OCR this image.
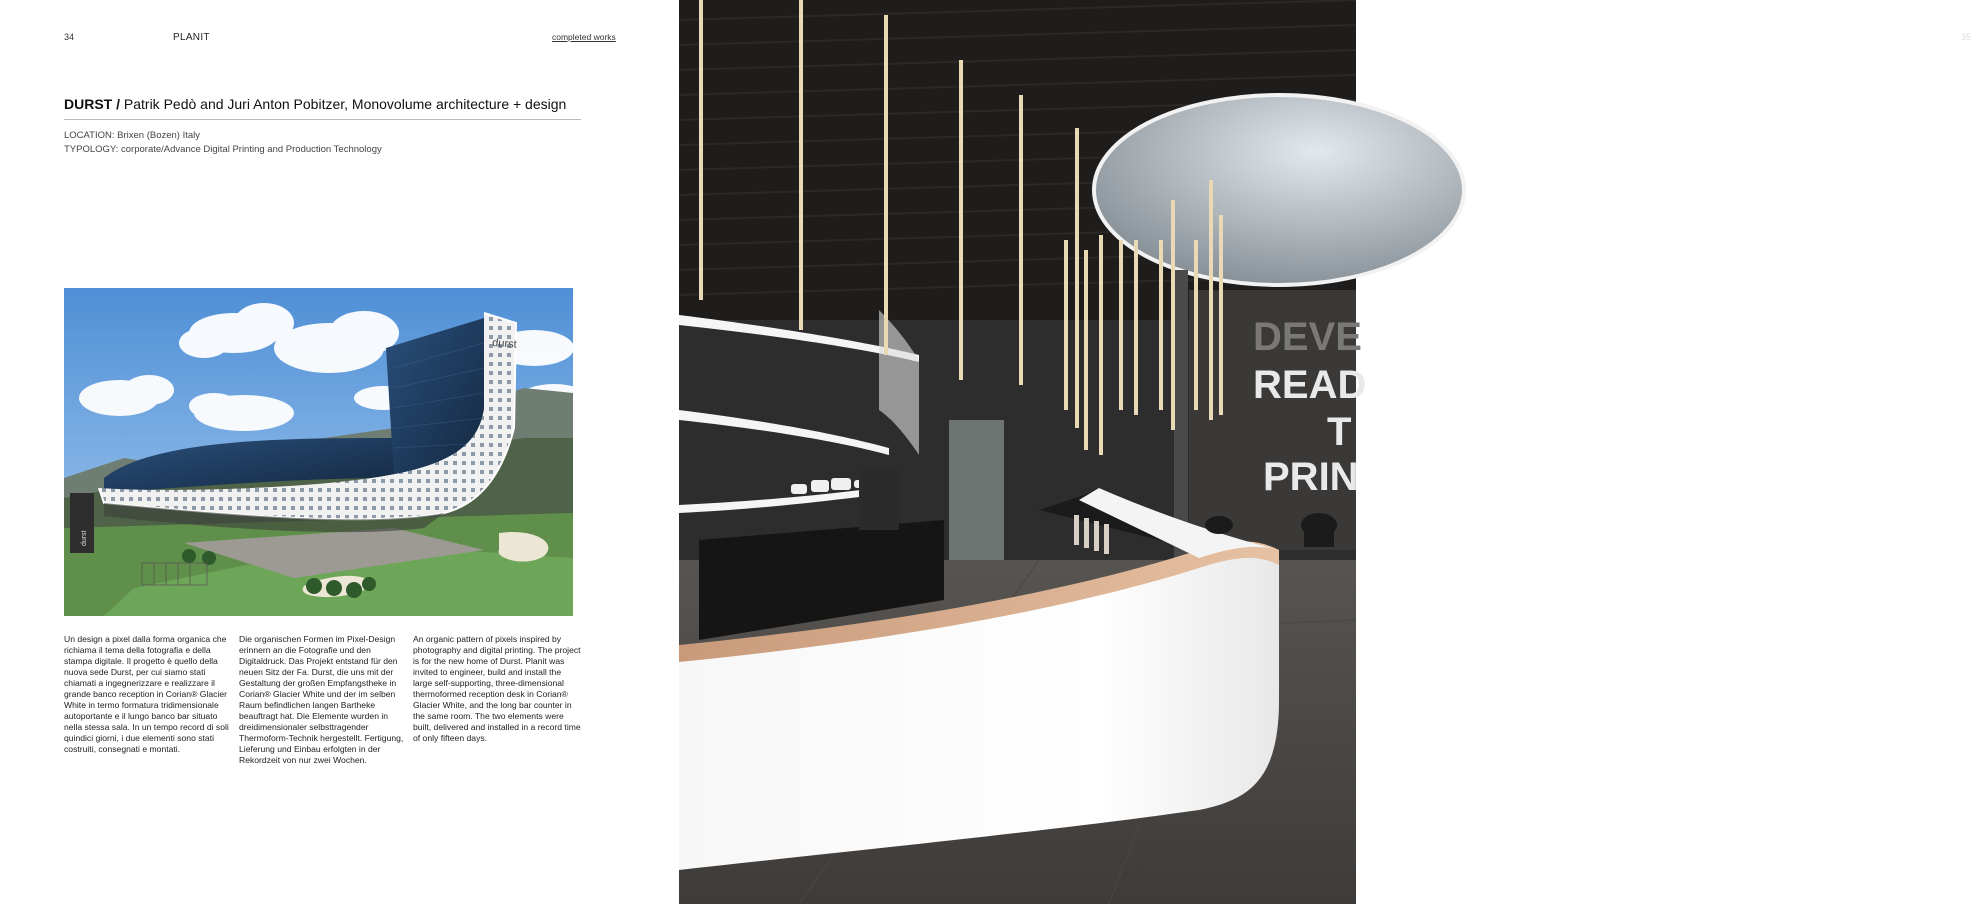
34	PLANIT	completed works
DURST / Patrik Pedò and Juri Anton Pobitzer, Monovolume architecture + design
LOCATION: Brixen (Bozen) Italy
TYPOLOGY: corporate/Advance Digital Printing and Production Technology
durst
durst
Un design a pixel dalla forma organica che richiama il tema della fotografia e della stampa digitale. Il progetto è quello della nuova sede Durst, per cui siamo stati chiamati a ingegnerizzare e realizzare il grande banco reception in Corian® Glacier White in termo formatura tridimensionale autoportante e il lungo banco bar situato nella stessa sala. In un tempo record di soli quindici giorni, i due elementi sono stati costruiti, consegnati e montati.
Die organischen Formen im Pixel-Design erinnern an die Fotografie und den Digitaldruck. Das Projekt entstand für den neuen Sitz der Fa. Durst, die uns mit der Gestaltung der großen Empfangstheke in Corian® Glacier White und der im selben Raum befindlichen langen Bartheke beauftragt hat. Die Elemente wurden in dreidimensionaler selbsttragender Thermoform-Technik hergestellt. Fertigung, Lieferung und Einbau erfolgten in der Rekordzeit von nur zwei Wochen.
An organic pattern of pixels inspired by photography and digital printing. The project is for the new home of Durst. Planit was invited to engineer, build and install the large self-supporting, three-dimensional thermoformed reception desk in Corian® Glacier White, and the long bar counter in the same room. The two elements were built, delivered and installed in a record time of only fifteen days.
DEVE
READ
T
PRIN
35
